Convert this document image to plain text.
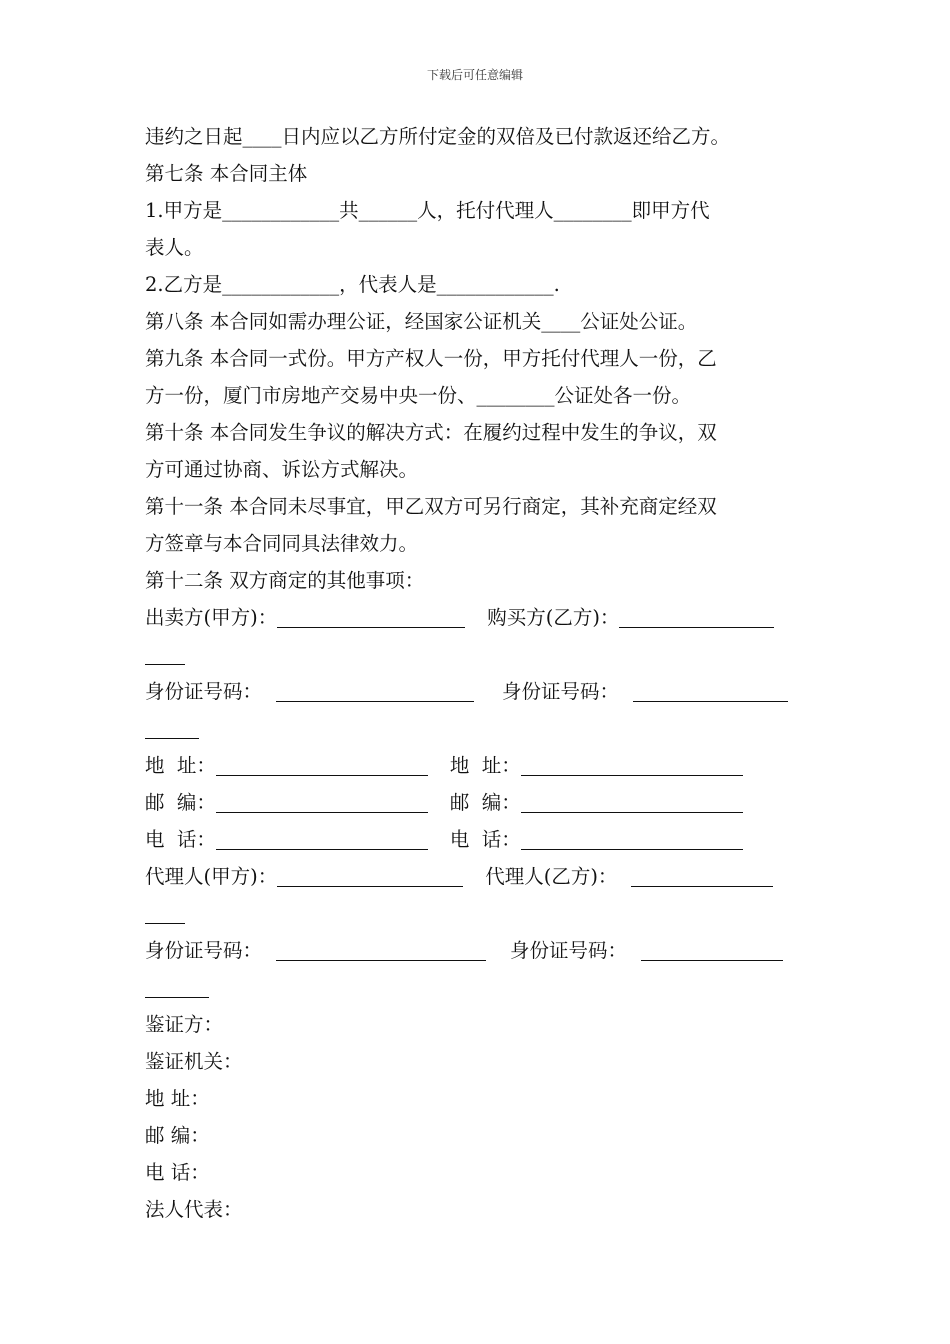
下载后可任意编辑
违约之日起____日内应以乙方所付定金的双倍及已付款返还给乙方。
第七条 本合同主体
1.甲方是____________共______人，托付代理人________即甲方代
表人。
2.乙方是____________，代表人是____________.
第八条 本合同如需办理公证，经国家公证机关____公证处公证。
第九条 本合同一式份。甲方产权人一份，甲方托付代理人一份，乙
方一份，厦门市房地产交易中央一份、________公证处各一份。
第十条 本合同发生争议的解决方式：在履约过程中发生的争议，双
方可通过协商、诉讼方式解决。
第十一条 本合同未尽事宜，甲乙双方可另行商定，其补充商定经双
方签章与本合同同具法律效力。
第十二条 双方商定的其他事项：
出卖方(甲方)：	购买方(乙方)：
身份证号码：	身份证号码：
地  址：	地  址：
邮  编：	邮  编：
电  话：	电  话：
代理人(甲方)：	代理人(乙方)：
身份证号码：	身份证号码：
鉴证方：
鉴证机关：
地 址：
邮 编：
电 话：
法人代表：
